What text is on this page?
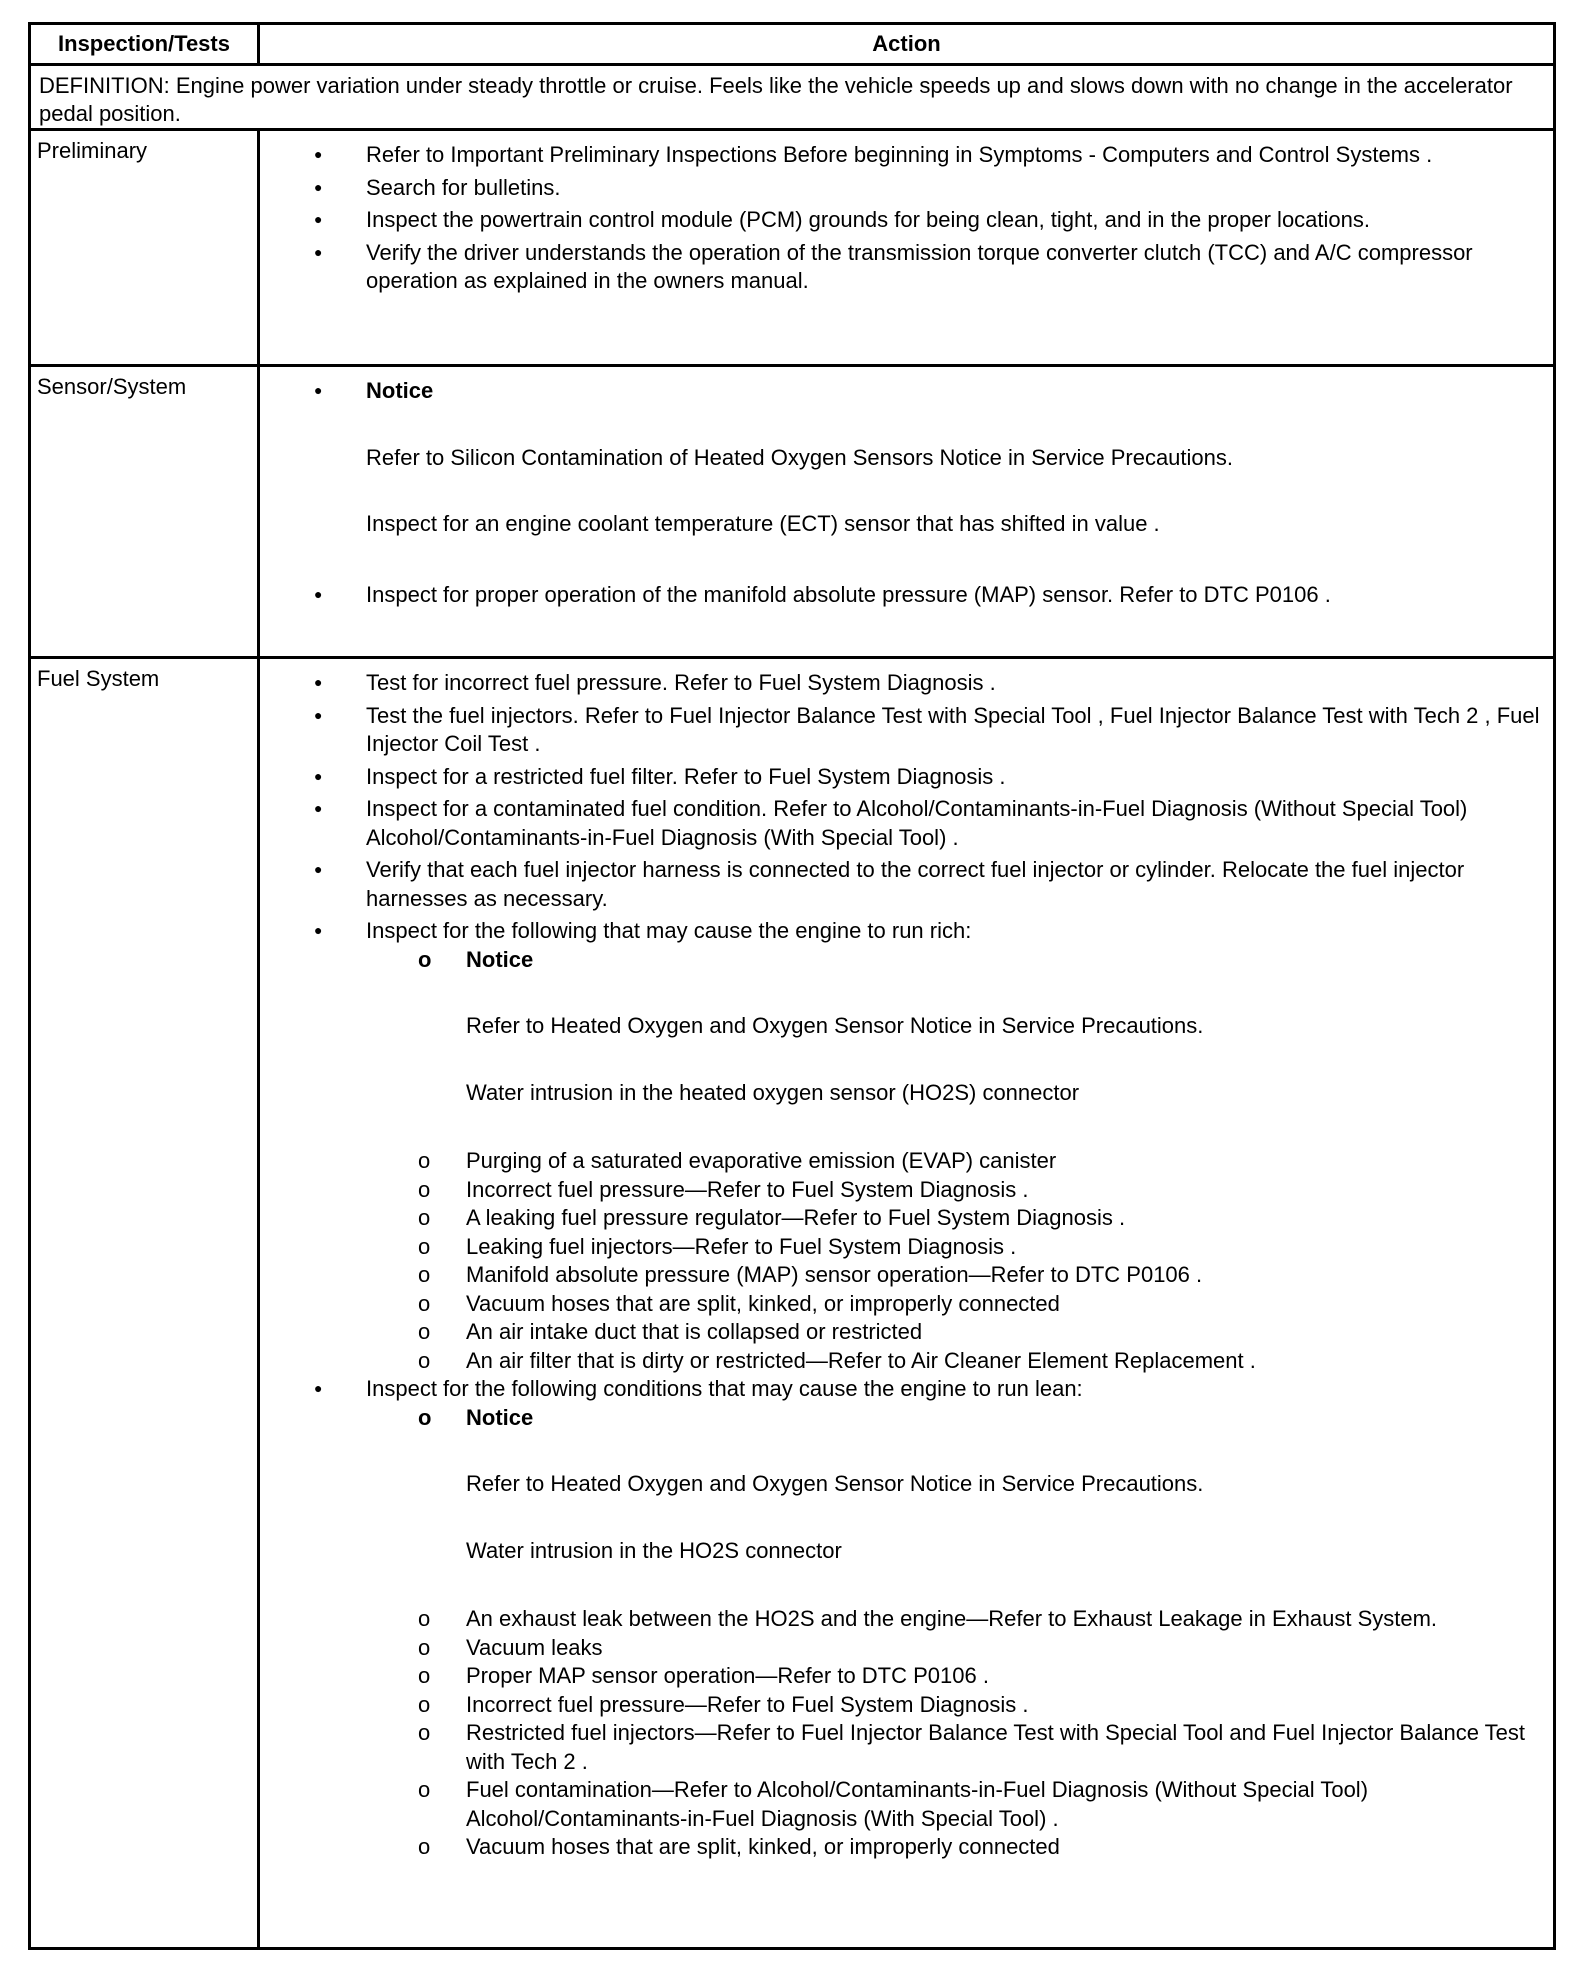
Inspection/Tests	Action
DEFINITION: Engine power variation under steady throttle or cruise. Feels like the vehicle speeds up and slows down with no change in the accelerator pedal position.
Preliminary	● Refer to Important Preliminary Inspections Before beginning in Symptoms - Computers and Control Systems .
● Search for bulletins.
● Inspect the powertrain control module (PCM) grounds for being clean, tight, and in the proper locations.
● Verify the driver understands the operation of the transmission torque converter clutch (TCC) and A/C compressor operation as explained in the owners manual.
Sensor/System	● Notice
Refer to Silicon Contamination of Heated Oxygen Sensors Notice in Service Precautions.
Inspect for an engine coolant temperature (ECT) sensor that has shifted in value .
● Inspect for proper operation of the manifold absolute pressure (MAP) sensor. Refer to DTC P0106 .
Fuel System	● Test for incorrect fuel pressure. Refer to Fuel System Diagnosis .
● Test the fuel injectors. Refer to Fuel Injector Balance Test with Special Tool , Fuel Injector Balance Test with Tech 2 , Fuel Injector Coil Test .
● Inspect for a restricted fuel filter. Refer to Fuel System Diagnosis .
● Inspect for a contaminated fuel condition. Refer to Alcohol/Contaminants-in-Fuel Diagnosis (Without Special Tool) Alcohol/Contaminants-in-Fuel Diagnosis (With Special Tool) .
● Verify that each fuel injector harness is connected to the correct fuel injector or cylinder. Relocate the fuel injector harnesses as necessary.
● Inspect for the following that may cause the engine to run rich:
o Notice
Refer to Heated Oxygen and Oxygen Sensor Notice in Service Precautions.
Water intrusion in the heated oxygen sensor (HO2S) connector
o Purging of a saturated evaporative emission (EVAP) canister
o Incorrect fuel pressure—Refer to Fuel System Diagnosis .
o A leaking fuel pressure regulator—Refer to Fuel System Diagnosis .
o Leaking fuel injectors—Refer to Fuel System Diagnosis .
o Manifold absolute pressure (MAP) sensor operation—Refer to DTC P0106 .
o Vacuum hoses that are split, kinked, or improperly connected
o An air intake duct that is collapsed or restricted
o An air filter that is dirty or restricted—Refer to Air Cleaner Element Replacement .
● Inspect for the following conditions that may cause the engine to run lean:
o Notice
Refer to Heated Oxygen and Oxygen Sensor Notice in Service Precautions.
Water intrusion in the HO2S connector
o An exhaust leak between the HO2S and the engine—Refer to Exhaust Leakage in Exhaust System.
o Vacuum leaks
o Proper MAP sensor operation—Refer to DTC P0106 .
o Incorrect fuel pressure—Refer to Fuel System Diagnosis .
o Restricted fuel injectors—Refer to Fuel Injector Balance Test with Special Tool and Fuel Injector Balance Test with Tech 2 .
o Fuel contamination—Refer to Alcohol/Contaminants-in-Fuel Diagnosis (Without Special Tool) Alcohol/Contaminants-in-Fuel Diagnosis (With Special Tool) .
o Vacuum hoses that are split, kinked, or improperly connected
